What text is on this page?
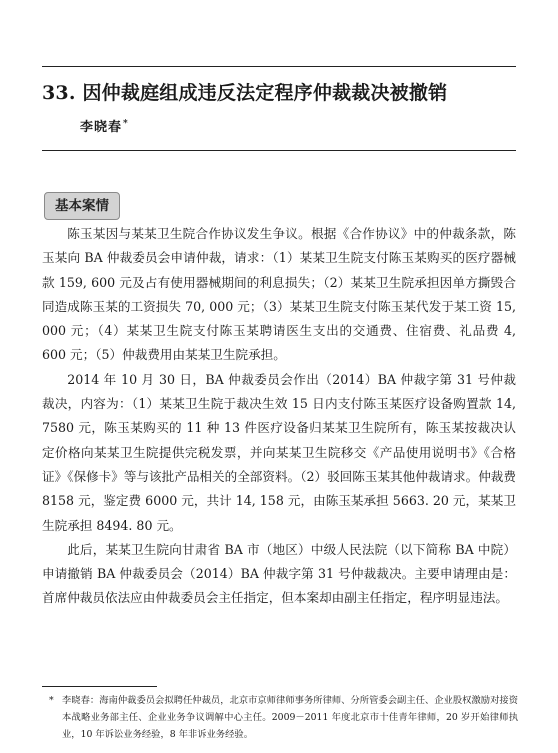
33. 因仲裁庭组成违反法定程序仲裁裁决被撤销
李晓春*
基本案情

陈玉某因与某某卫生院合作协议发生争议。根据《合作协议》中的仲裁条款，陈玉某向 BA 仲裁委员会申请仲裁，请求：（1）某某卫生院支付陈玉某购买的医疗器械款 159, 600 元及占有使用器械期间的利息损失；（2）某某卫生院承担因单方撕毁合同造成陈玉某的工资损失 70, 000 元；（3）某某卫生院支付陈玉某代发于某工资 15, 000 元；（4）某某卫生院支付陈玉某聘请医生支出的交通费、住宿费、礼品费 4, 600 元；（5）仲裁费用由某某卫生院承担。

2014 年 10 月 30 日，BA 仲裁委员会作出（2014）BA 仲裁字第 31 号仲裁裁决，内容为：（1）某某卫生院于裁决生效 15 日内支付陈玉某医疗设备购置款 14, 7580 元，陈玉某购买的 11 种 13 件医疗设备归某某卫生院所有，陈玉某按裁决认定价格向某某卫生院提供完税发票，并向某某卫生院移交《产品使用说明书》《合格证》《保修卡》等与该批产品相关的全部资料。（2）驳回陈玉某其他仲裁请求。仲裁费 8158 元，鉴定费 6000 元，共计 14, 158 元，由陈玉某承担 5663. 20 元，某某卫生院承担 8494. 80 元。

此后，某某卫生院向甘肃省 BA 市（地区）中级人民法院（以下简称 BA 中院）申请撤销 BA 仲裁委员会（2014）BA 仲裁字第 31 号仲裁裁决。主要申请理由是：首席仲裁员依法应由仲裁委员会主任指定，但本案却由副主任指定，程序明显违法。

* 李晓春：海南仲裁委员会拟聘任仲裁员，北京市京师律师事务所律师、分所管委会副主任、企业股权激励对接资本战略业务部主任、企业业务争议调解中心主任。2009－2011 年度北京市十佳青年律师，20 岁开始律师执业，10 年诉讼业务经验，8 年非诉业务经验。
